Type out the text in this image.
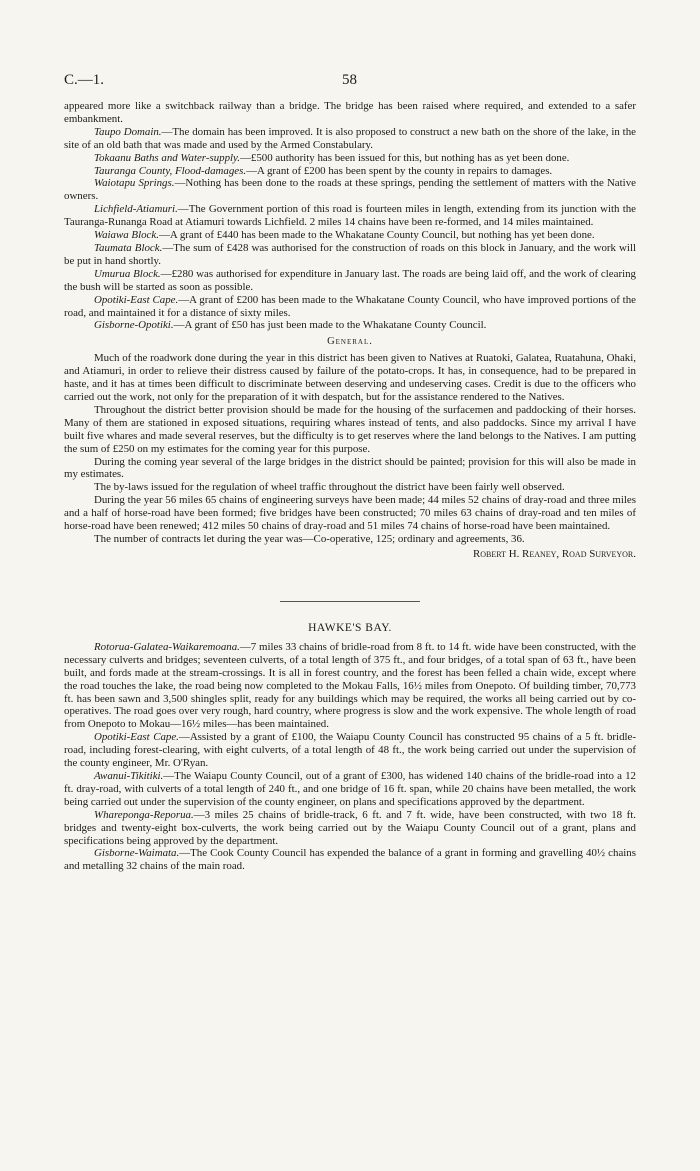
C.—1.	58

appeared more like a switchback railway than a bridge. The bridge has been raised where required, and extended to a safer embankment.

Taupo Domain.—The domain has been improved. It is also proposed to construct a new bath on the shore of the lake, in the site of an old bath that was made and used by the Armed Constabulary.

Tokaanu Baths and Water-supply.—£500 authority has been issued for this, but nothing has as yet been done.

Tauranga County, Flood-damages.—A grant of £200 has been spent by the county in repairs to damages.

Waiotapu Springs.—Nothing has been done to the roads at these springs, pending the settlement of matters with the Native owners.

Lichfield-Atiamuri.—The Government portion of this road is fourteen miles in length, extending from its junction with the Tauranga-Runanga Road at Atiamuri towards Lichfield. 2 miles 14 chains have been re-formed, and 14 miles maintained.

Waiawa Block.—A grant of £440 has been made to the Whakatane County Council, but nothing has yet been done.

Taumata Block.—The sum of £428 was authorised for the construction of roads on this block in January, and the work will be put in hand shortly.

Umurua Block.—£280 was authorised for expenditure in January last. The roads are being laid off, and the work of clearing the bush will be started as soon as possible.

Opotiki-East Cape.—A grant of £200 has been made to the Whakatane County Council, who have improved portions of the road, and maintained it for a distance of sixty miles.

Gisborne-Opotiki.—A grant of £50 has just been made to the Whakatane County Council.

General.

Much of the roadwork done during the year in this district has been given to Natives at Ruatoki, Galatea, Ruatahuna, Ohaki, and Atiamuri, in order to relieve their distress caused by failure of the potato-crops. It has, in consequence, had to be prepared in haste, and it has at times been difficult to discriminate between deserving and undeserving cases. Credit is due to the officers who carried out the work, not only for the preparation of it with despatch, but for the assistance rendered to the Natives.

Throughout the district better provision should be made for the housing of the surfacemen and paddocking of their horses. Many of them are stationed in exposed situations, requiring whares instead of tents, and also paddocks. Since my arrival I have built five whares and made several reserves, but the difficulty is to get reserves where the land belongs to the Natives. I am putting the sum of £250 on my estimates for the coming year for this purpose.

During the coming year several of the large bridges in the district should be painted; provision for this will also be made in my estimates.

The by-laws issued for the regulation of wheel traffic throughout the district have been fairly well observed.

During the year 56 miles 65 chains of engineering surveys have been made; 44 miles 52 chains of dray-road and three miles and a half of horse-road have been formed; five bridges have been constructed; 70 miles 63 chains of dray-road and ten miles of horse-road have been renewed; 412 miles 50 chains of dray-road and 51 miles 74 chains of horse-road have been maintained.

The number of contracts let during the year was—Co-operative, 125; ordinary and agreements, 36.

Robert H. Reaney, Road Surveyor.

HAWKE'S BAY.

Rotorua-Galatea-Waikaremoana.—7 miles 33 chains of bridle-road from 8 ft. to 14 ft. wide have been constructed, with the necessary culverts and bridges; seventeen culverts, of a total length of 375 ft., and four bridges, of a total span of 63 ft., have been built, and fords made at the stream-crossings. It is all in forest country, and the forest has been felled a chain wide, except where the road touches the lake, the road being now completed to the Mokau Falls, 16½ miles from Onepoto. Of building timber, 70,773 ft. has been sawn and 3,500 shingles split, ready for any buildings which may be required, the works all being carried out by co-operatives. The road goes over very rough, hard country, where progress is slow and the work expensive. The whole length of road from Onepoto to Mokau—16½ miles—has been maintained.

Opotiki-East Cape.—Assisted by a grant of £100, the Waiapu County Council has constructed 95 chains of a 5 ft. bridle-road, including forest-clearing, with eight culverts, of a total length of 48 ft., the work being carried out under the supervision of the county engineer, Mr. O'Ryan.

Awanui-Tikitiki.—The Waiapu County Council, out of a grant of £300, has widened 140 chains of the bridle-road into a 12 ft. dray-road, with culverts of a total length of 240 ft., and one bridge of 16 ft. span, while 20 chains have been metalled, the work being carried out under the supervision of the county engineer, on plans and specifications approved by the department.

Whareponga-Reporua.—3 miles 25 chains of bridle-track, 6 ft. and 7 ft. wide, have been constructed, with two 18 ft. bridges and twenty-eight box-culverts, the work being carried out by the Waiapu County Council out of a grant, plans and specifications being approved by the department.

Gisborne-Waimata.—The Cook County Council has expended the balance of a grant in forming and gravelling 40½ chains and metalling 32 chains of the main road.
